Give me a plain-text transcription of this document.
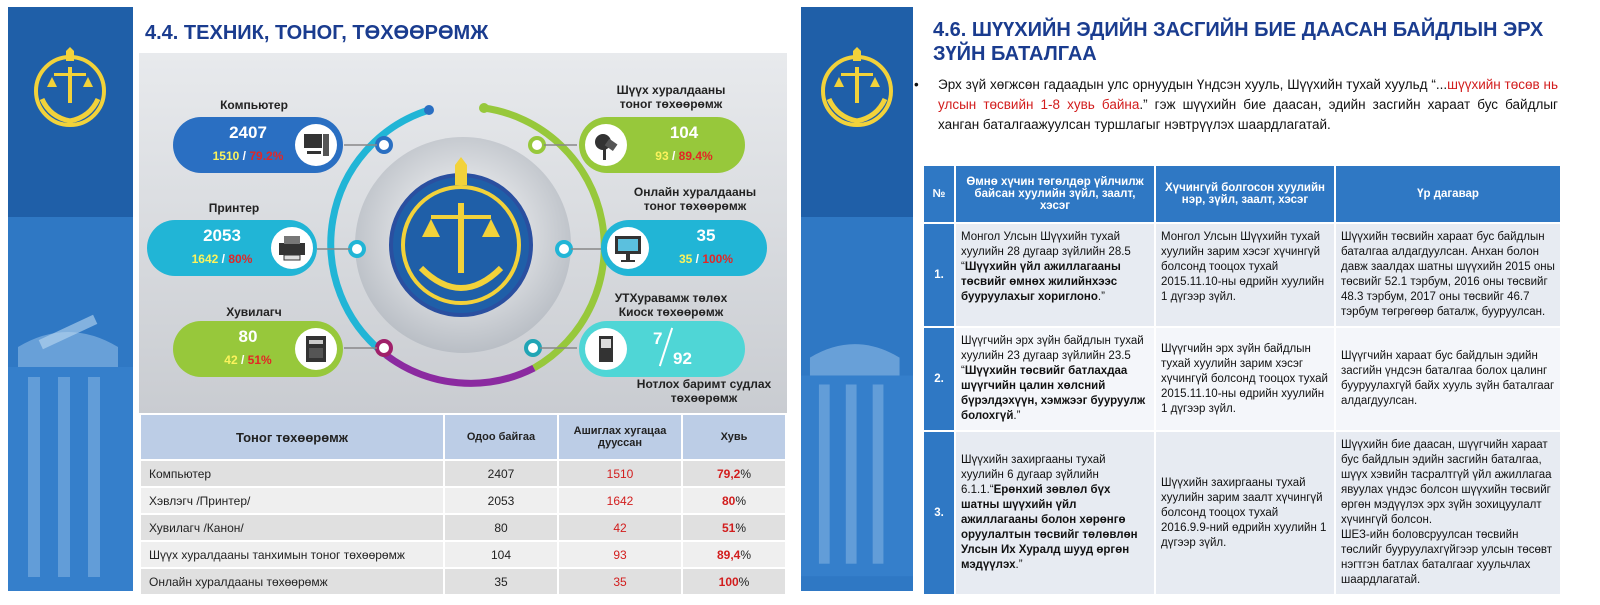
4.4. ТЕХНИК, ТОНОГ, ТӨХӨӨРӨМЖ
Компьютер
2407
1510 / 79.2%
Принтер
2053
1642 / 80%
Хувилагч
80
42 / 51%
Шүүх хуралдааны
тоног төхөөрөмж
104
93 / 89.4%
Онлайн хуралдааны
тоног төхөөрөмж
35
35 / 100%
УТХуравамж төлөх
Киоск төхөөрөмж
7
92
Нотлох баримт судлах
төхөөрөмж
Тоног төхөөрөмж	Одоо байгаа	Ашиглах хугацаа дуусcан	Хувь
Компьютер	2407	1510	79,2%
Хэвлэгч /Принтер/	2053	1642	80%
Хувилагч /Канон/	80	42	51%
Шүүх хуралдааны танхимын тоног төхөөрөмж	104	93	89,4%
Онлайн хуралдааны төхөөрөмж	35	35	100%
4.6. ШҮҮХИЙН ЭДИЙН ЗАСГИЙН БИЕ ДААСАН БАЙДЛЫН ЭРХ ЗҮЙН БАТАЛГАА
• Эрх зүй хөгжсөн гадаадын улс орнуудын Үндсэн хууль, Шүүхийн тухай хуульд “...шүүхийн төсөв нь улсын төсвийн 1-8 хувь байна.” гэж шүүхийн бие даасан, эдийн засгийн хараат бус байдлыг ханган баталгаажуулсан туршлагыг нэвтрүүлэх шаардлагатай.
№	Өмнө хүчин төгөлдөр үйлчилж байсан хуулийн зүйл, заалт, хэсэг	Хүчингүй болгосон хуулийн нэр, зүйл, заалт, хэсэг	Үр дагавар
1.	Монгол Улсын Шүүхийн тухай хуулийн 28 дугаар зүйлийн 28.5 “Шүүхийн үйл ажиллагааны төсвийг өмнөх жилийнхээс бууруулахыг хориглоно.”	Монгол Улсын Шүүхийн тухай хуулийн зарим хэсэг хүчингүй болсонд тооцох тухай 2015.11.10-ны өдрийн хуулийн 1 дүгээр зүйл.	Шүүхийн төсвийн хараат бус байдлын баталгаа алдагдуулсан. Анхан болон давж заалдах шатны шүүхийн 2015 оны төсвийг 52.1 тэрбум, 2016 оны төсвийг 48.3 тэрбум, 2017 оны төсвийг 46.7 тэрбум төгрөгөөр баталж, бууруулсан.
2.	Шүүгчийн эрх зүйн байдлын тухай хуулийн 23 дугаар зүйлийн 23.5 “Шүүхийн төсвийг батлахдаа шүүгчийн цалин хөлсний бүрэлдэхүүн, хэмжээг бууруулж болохгүй.”	Шүүгчийн эрх зүйн байдлын тухай хуулийн зарим хэсэг хүчингүй болсонд тооцох тухай 2015.11.10-ны өдрийн хуулийн 1 дүгээр зүйл.	Шүүгчийн хараат бус байдлын эдийн засгийн үндсэн баталгаа болох цалинг бууруулахгүй байх хууль зүйн баталгааг алдагдуулсан.
3.	Шүүхийн захиргааны тухай хуулийн 6 дугаар зүйлийн 6.1.1.“Ерөнхий зөвлөл бүх шатны шүүхийн үйл ажиллагааны болон хөрөнгө оруулалтын төсвийг төлөвлөн Улсын Их Хуралд шууд өргөн мэдүүлэх.”	Шүүхийн захиргааны тухай хуулийн зарим заалт хүчингүй болсонд тооцох тухай 2016.9.9-ний өдрийн хуулийн 1 дүгээр зүйл.	Шүүхийн бие даасан, шүүгчийн хараат бус байдлын эдийн засгийн баталгаа, шүүх хэвийн тасралтгүй үйл ажиллагаа явуулах үндэс болсон шүүхийн төсвийг өргөн мэдүүлэх эрх зүйн зохицуулалт хүчингүй болсон.
ШЕЗ-ийн боловсруулсан төсвийн төслийг бууруулахгүйгээр улсын төсөвт нэгтгэн батлах баталгааг хуульчлах шаардлагатай.
